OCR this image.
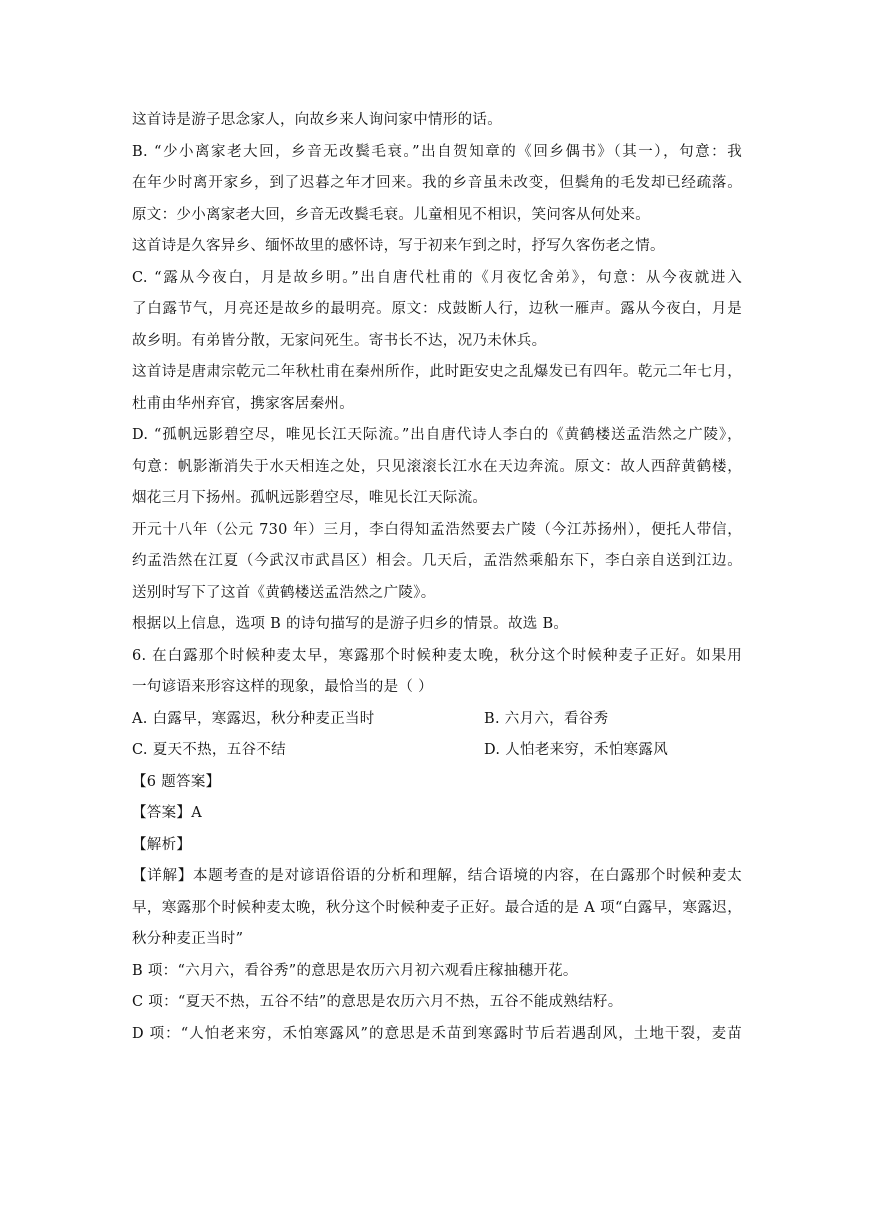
这首诗是游子思念家人，向故乡来人询问家中情形的话。
B. “少小离家老大回，乡音无改鬓毛衰。”出自贺知章的《回乡偶书》（其一），句意：我
在年少时离开家乡，到了迟暮之年才回来。我的乡音虽未改变，但鬓角的毛发却已经疏落。
原文：少小离家老大回，乡音无改鬓毛衰。儿童相见不相识，笑问客从何处来。
这首诗是久客异乡、缅怀故里的感怀诗，写于初来乍到之时，抒写久客伤老之情。
C. “露从今夜白，月是故乡明。”出自唐代杜甫的《月夜忆舍弟》，句意：从今夜就进入
了白露节气，月亮还是故乡的最明亮。原文：戍鼓断人行，边秋一雁声。露从今夜白，月是
故乡明。有弟皆分散，无家问死生。寄书长不达，况乃未休兵。
这首诗是唐肃宗乾元二年秋杜甫在秦州所作，此时距安史之乱爆发已有四年。乾元二年七月，
杜甫由华州弃官，携家客居秦州。
D. “孤帆远影碧空尽，唯见长江天际流。”出自唐代诗人李白的《黄鹤楼送孟浩然之广陵》，
句意：帆影渐消失于水天相连之处，只见滚滚长江水在天边奔流。原文：故人西辞黄鹤楼，
烟花三月下扬州。孤帆远影碧空尽，唯见长江天际流。
开元十八年（公元 730 年）三月，李白得知孟浩然要去广陵（今江苏扬州），便托人带信，
约孟浩然在江夏（今武汉市武昌区）相会。几天后，孟浩然乘船东下，李白亲自送到江边。
送别时写下了这首《黄鹤楼送孟浩然之广陵》。
根据以上信息，选项 B 的诗句描写的是游子归乡的情景。故选 B。
6. 在白露那个时候种麦太早，寒露那个时候种麦太晚，秋分这个时候种麦子正好。如果用
一句谚语来形容这样的现象，最恰当的是（ ）
A. 白露早，寒露迟，秋分种麦正当时	B. 六月六，看谷秀
C. 夏天不热，五谷不结	D. 人怕老来穷，禾怕寒露风
【6 题答案】
【答案】A
【解析】
【详解】本题考查的是对谚语俗语的分析和理解，结合语境的内容，在白露那个时候种麦太
早，寒露那个时候种麦太晚，秋分这个时候种麦子正好。最合适的是 A 项“白露早，寒露迟，
秋分种麦正当时”
B 项：“六月六，看谷秀”的意思是农历六月初六观看庄稼抽穗开花。
C 项：“夏天不热，五谷不结”的意思是农历六月不热，五谷不能成熟结籽。
D 项：“人怕老来穷，禾怕寒露风”的意思是禾苗到寒露时节后若遇刮风，土地干裂，麦苗
